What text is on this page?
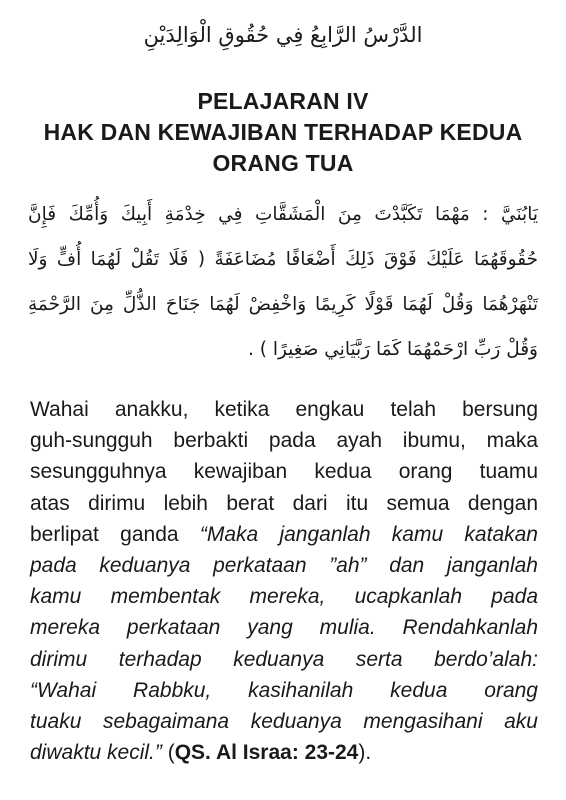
الدَّرْسُ الرَّابِعُ فِي حُقُوقِ الْوَالِدَيْنِ
PELAJARAN IV
HAK DAN KEWAJIBAN TERHADAP KEDUA
ORANG TUA
يَابُنَيَّ : مَهْمَا تَكَبَّدْتَ مِنَ الْمَشَقَّاتِ فِي خِدْمَةِ أَبِيكَ وَأُمِّكَ فَإِنَّ
حُقُوقَهُمَا عَلَيْكَ فَوْقَ ذَلِكَ أَضْعَافًا مُضَاعَفَةً ( فَلَا تَقُلْ لَهُمَا أُفٍّ وَلَا
تَنْهَرْهُمَا وَقُلْ لَهُمَا قَوْلًا كَرِيمًا وَاخْفِضْ لَهُمَا جَنَاحَ الذُّلِّ مِنَ الرَّحْمَةِ
وَقُلْ رَبِّ ارْحَمْهُمَا كَمَا رَبَّيَانِي صَغِيرًا ) .
Wahai anakku, ketika engkau telah bersung
guh-sungguh berbakti pada ayah ibumu, maka
sesungguhnya kewajiban kedua orang tuamu
atas dirimu lebih berat dari itu semua dengan
berlipat ganda “Maka janganlah kamu katakan
pada keduanya perkataan ”ah” dan janganlah
kamu membentak mereka, ucapkanlah pada
mereka perkataan yang mulia. Rendahkanlah
dirimu terhadap keduanya serta berdo’alah:
“Wahai Rabbku, kasihanilah kedua orang
tuaku sebagaimana keduanya mengasihani aku
diwaktu kecil.” (QS. Al Israa: 23-24).
